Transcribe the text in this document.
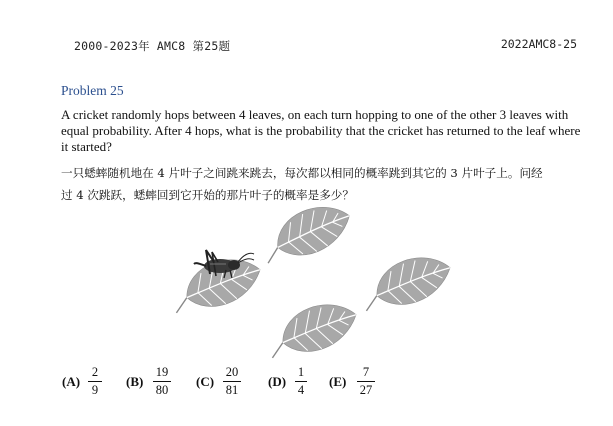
2000-2023年 AMC8 第25题	2022AMC8-25
Problem 25
A cricket randomly hops between 4 leaves, on each turn hopping to one of the other 3 leaves with
equal probability. After 4 hops, what is the probability that the cricket has returned to the leaf where
it started?
一只蟋蟀随机地在 4 片叶子之间跳来跳去，每次都以相同的概率跳到其它的 3 片叶子上。问经
过 4 次跳跃，蟋蟀回到它开始的那片叶子的概率是多少？
(A)
2
9
(B)
19
80
(C)
20
81
(D)
1
4
(E)
7
27
